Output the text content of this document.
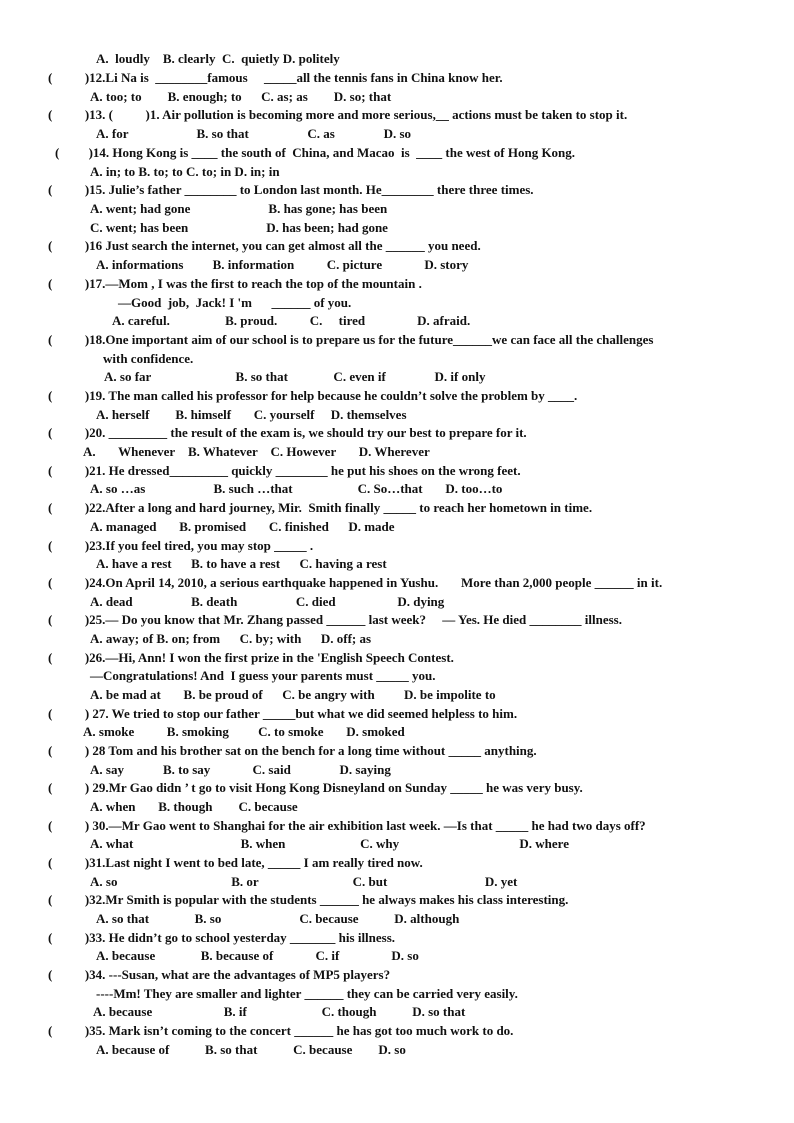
A.  loudly    B. clearly  C.  quietly D. politely
(          )12.Li Na is  ________famous     _____all the tennis fans in China know her.
A. too; to        B. enough; to      C. as; as        D. so; that
(          )13. (          )1. Air pollution is becoming more and more serious,__ actions must be taken to stop it.
A. for                     B. so that                  C. as               D. so
(         )14. Hong Kong is ____ the south of  China, and Macao  is  ____ the west of Hong Kong.
A. in; to B. to; to C. to; in D. in; in
(          )15. Julie’s father ________ to London last month. He________ there three times.
A. went; had gone                        B. has gone; has been
C. went; has been                        D. has been; had gone
(          )16 Just search the internet, you can get almost all the ______ you need.
A. informations         B. information          C. picture             D. story
(          )17.—Mom , I was the first to reach the top of the mountain .
—Good  job,  Jack! I 'm      ______ of you.
A. careful.                 B. proud.          C.     tired                D. afraid.
(          )18.One important aim of our school is to prepare us for the future______we can face all the challenges
with confidence.
A. so far                          B. so that              C. even if               D. if only
(          )19. The man called his professor for help because he couldn’t solve the problem by ____.
A. herself        B. himself       C. yourself     D. themselves
(          )20. _________ the result of the exam is, we should try our best to prepare for it.
A.       Whenever    B. Whatever    C. However       D. Wherever
(          )21. He dressed_________ quickly ________ he put his shoes on the wrong feet.
A. so …as                     B. such …that                    C. So…that       D. too…to
(          )22.After a long and hard journey, Mir.  Smith finally _____ to reach her hometown in time.
A. managed       B. promised       C. finished      D. made
(          )23.If you feel tired, you may stop _____ .
A. have a rest      B. to have a rest      C. having a rest
(          )24.On April 14, 2010, a serious earthquake happened in Yushu.       More than 2,000 people ______ in it.
A. dead                  B. death                  C. died                   D. dying
(          )25.— Do you know that Mr. Zhang passed ______ last week?     — Yes. He died ________ illness.
A. away; of B. on; from      C. by; with      D. off; as
(          )26.—Hi, Ann! I won the first prize in the 'English Speech Contest.
—Congratulations! And  I guess your parents must _____ you.
A. be mad at       B. be proud of      C. be angry with         D. be impolite to
(          ) 27. We tried to stop our father _____but what we did seemed helpless to him.
A. smoke          B. smoking         C. to smoke       D. smoked
(          ) 28 Tom and his brother sat on the bench for a long time without _____ anything.
A. say            B. to say             C. said               D. saying
(          ) 29.Mr Gao didn ’ t go to visit Hong Kong Disneyland on Sunday _____ he was very busy.
A. when       B. though        C. because
(          ) 30.—Mr Gao went to Shanghai for the air exhibition last week. —Is that _____ he had two days off?
A. what                                 B. when                       C. why                                     D. where
(          )31.Last night I went to bed late, _____ I am really tired now.
A. so                                   B. or                             C. but                              D. yet
(          )32.Mr Smith is popular with the students ______ he always makes his class interesting.
A. so that              B. so                        C. because           D. although
(          )33. He didn’t go to school yesterday _______ his illness.
A. because              B. because of             C. if                D. so
(          )34. ---Susan, what are the advantages of MP5 players?
----Mm! They are smaller and lighter ______ they can be carried very easily.
A. because                      B. if                       C. though           D. so that
(          )35. Mark isn’t coming to the concert ______ he has got too much work to do.
A. because of           B. so that           C. because        D. so
